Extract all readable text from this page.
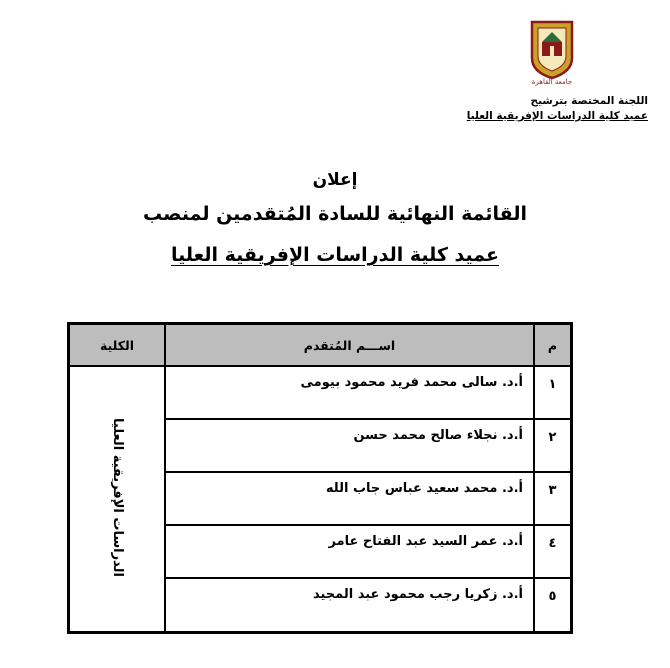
جامعة القاهرة
اللجنة المختصة بترشيح
عميد كلية الدراسات الإفريقية العليا
إعلان
القائمة النهائية للسادة المُتقدمين لمنصب
عميد كلية الدراسات الإفريقية العليا
م	اســـم المُتقدم	الكلية
١	أ.د. سالى محمد فريد محمود بيومى	الدراسات الإفريقية العليا
٢	أ.د. نجلاء صالح محمد حسن	
٣	أ.د. محمد سعيد عباس جاب الله	
٤	أ.د. عمر السيد عبد الفتاح عامر	
٥	أ.د. زكريا رجب محمود عبد المجيد	
